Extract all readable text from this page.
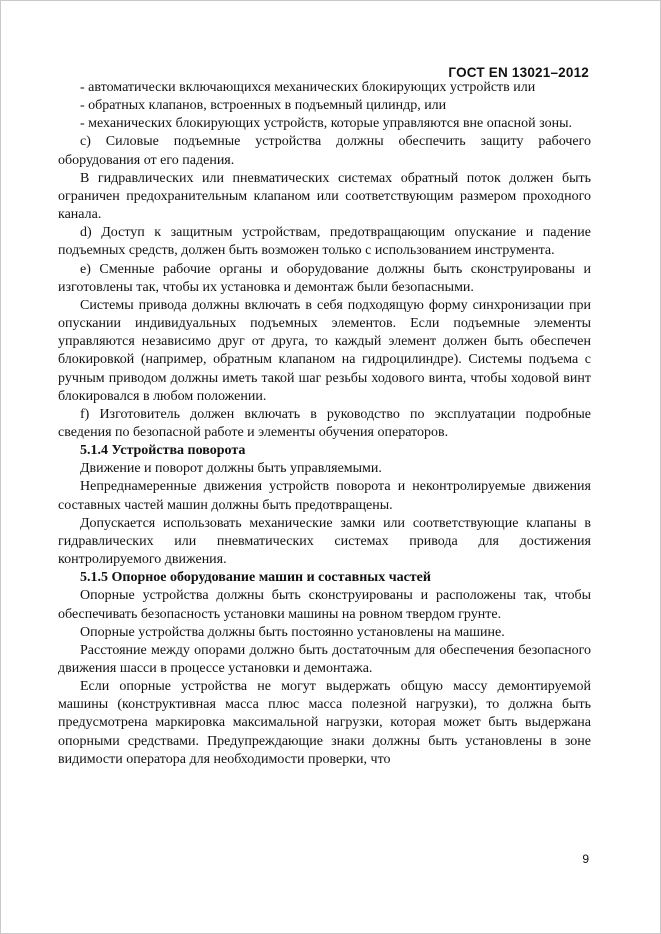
ГОСТ EN 13021–2012

- автоматически включающихся механических блокирующих устройств или

- обратных клапанов, встроенных в подъемный цилиндр, или

- механических блокирующих устройств, которые управляются вне опасной зоны.

c) Силовые подъемные устройства должны обеспечить защиту рабочего оборудования от его падения.

В гидравлических или пневматических системах обратный поток должен быть ограничен предохранительным клапаном или соответствующим размером проходного канала.

d) Доступ к защитным устройствам, предотвращающим опускание и падение подъемных средств, должен быть возможен только с использованием инструмента.

e) Сменные рабочие органы и оборудование должны быть сконструированы и изготовлены так, чтобы их установка и демонтаж были безопасными.

Системы привода должны включать в себя подходящую форму синхронизации при опускании индивидуальных подъемных элементов. Если подъемные элементы управляются независимо друг от друга, то каждый элемент должен быть обеспечен блокировкой (например, обратным клапаном на гидроцилиндре). Системы подъема с ручным приводом должны иметь такой шаг резьбы ходового винта, чтобы ходовой винт блокировался в любом положении.

f) Изготовитель должен включать в руководство по эксплуатации подробные сведения по безопасной работе и элементы обучения операторов.

5.1.4 Устройства поворота

Движение и поворот должны быть управляемыми.

Непреднамеренные движения устройств поворота и неконтролируемые движения составных частей машин должны быть предотвращены.

Допускается использовать механические замки или соответствующие клапаны в гидравлических или пневматических системах привода для достижения контролируемого движения.

5.1.5 Опорное оборудование машин и составных частей

Опорные устройства должны быть сконструированы и расположены так, чтобы обеспечивать безопасность установки машины на ровном твердом грунте.

Опорные устройства должны быть постоянно установлены на машине.

Расстояние между опорами должно быть достаточным для обеспечения безопасного движения шасси в процессе установки и демонтажа.

Если опорные устройства не могут выдержать общую массу демонтируемой машины (конструктивная масса плюс масса полезной нагрузки), то должна быть предусмотрена маркировка максимальной нагрузки, которая может быть выдержана опорными средствами. Предупреждающие знаки должны быть установлены в зоне видимости оператора для необходимости проверки, что

9
